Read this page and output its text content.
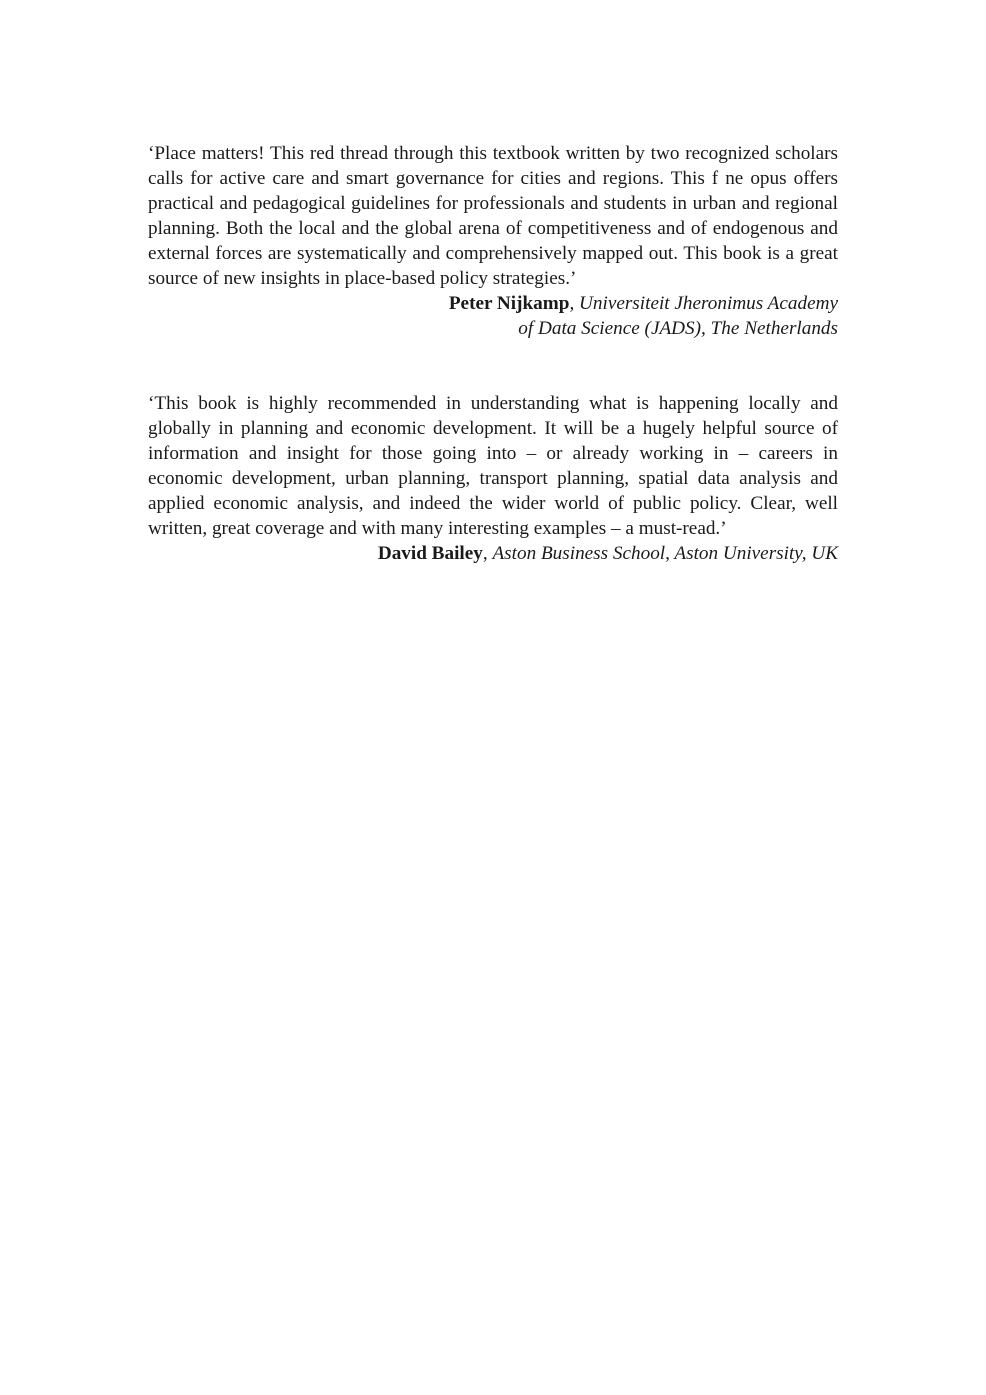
‘Place matters! This red thread through this textbook written by two recognized scholars calls for active care and smart governance for cities and regions. This f ne opus offers practical and pedagogical guidelines for professionals and students in urban and regional planning. Both the local and the global arena of competitiveness and of endogenous and external forces are systematically and comprehensively mapped out. This book is a great source of new insights in place-based policy strategies.’

Peter Nijkamp, Universiteit Jheronimus Academy
of Data Science (JADS), The Netherlands

‘This book is highly recommended in understanding what is happening locally and globally in planning and economic development. It will be a hugely helpful source of information and insight for those going into – or already working in – careers in economic development, urban planning, transport planning, spatial data analysis and applied economic analysis, and indeed the wider world of public policy. Clear, well written, great coverage and with many interesting examples – a must-read.’

David Bailey, Aston Business School, Aston University, UK
